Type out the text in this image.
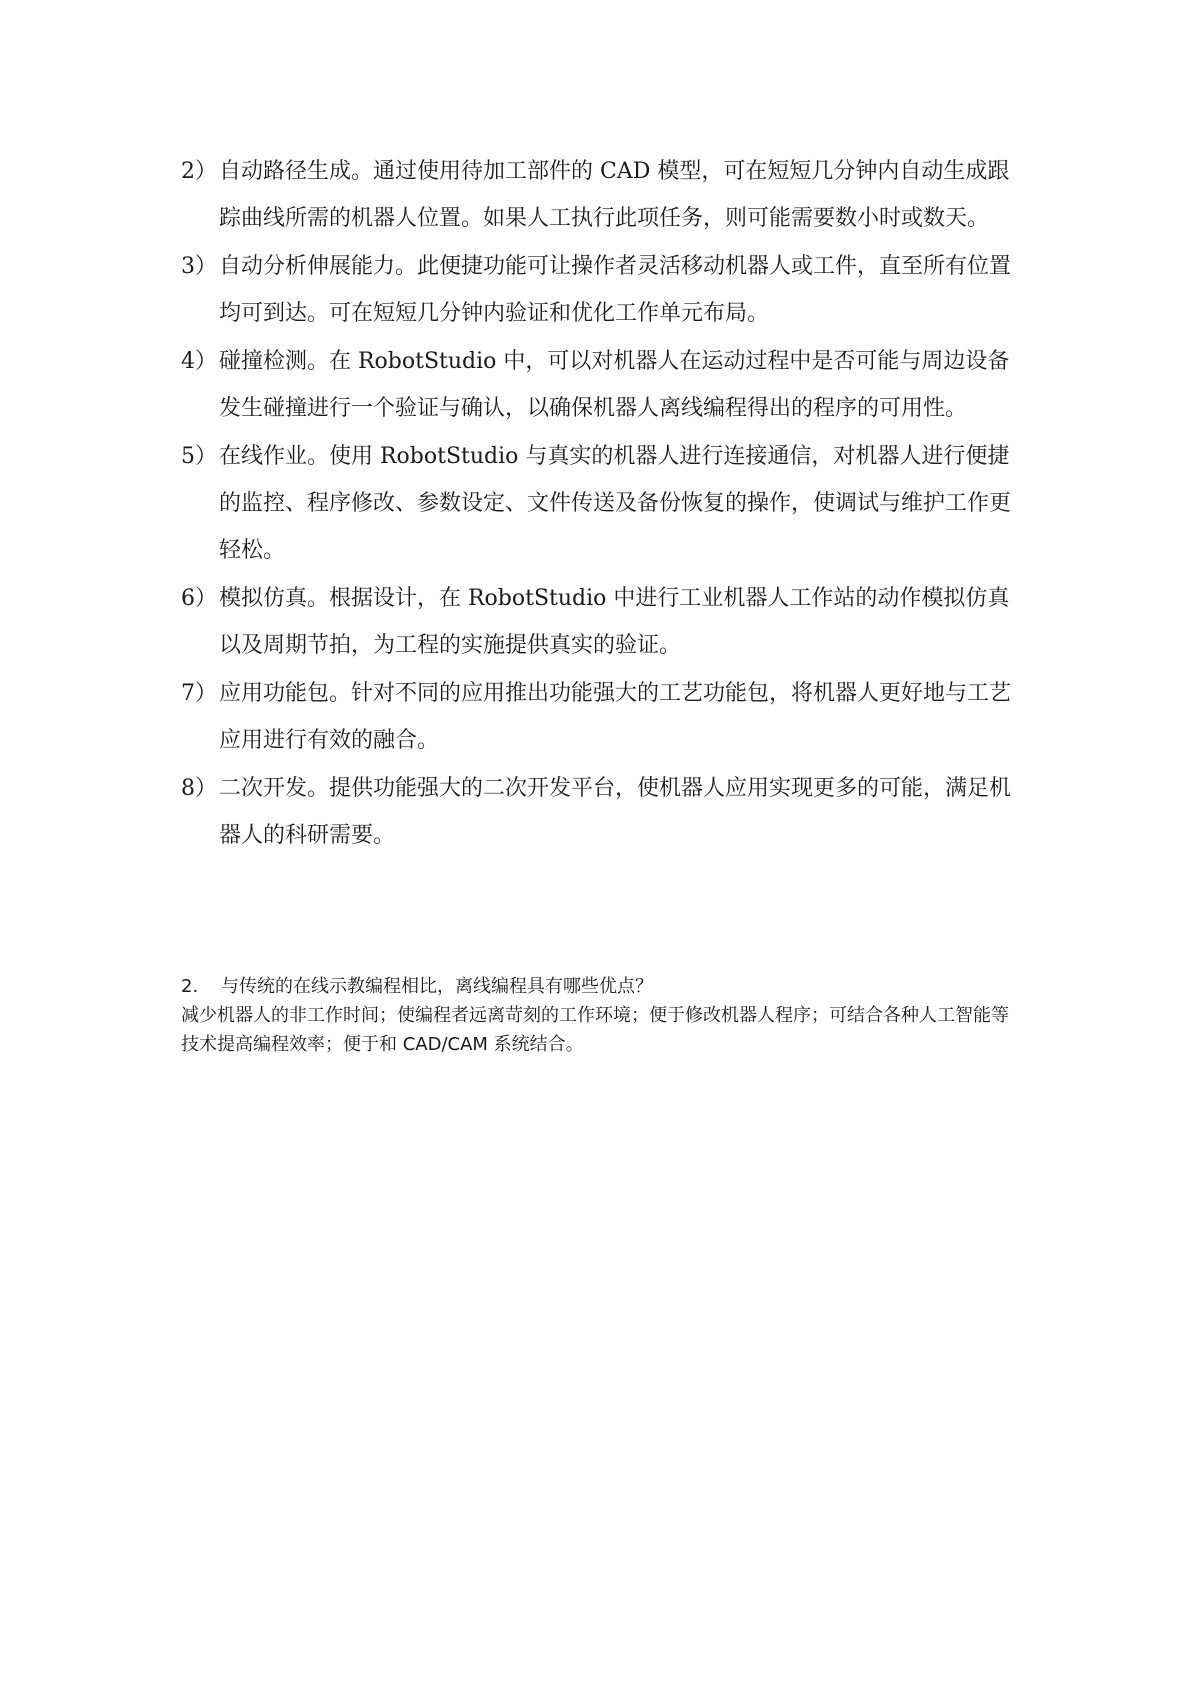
2） 自动路径生成。通过使用待加工部件的 CAD 模型，可在短短几分钟内自动生成跟踪曲线所需的机器人位置。如果人工执行此项任务，则可能需要数小时或数天。
3） 自动分析伸展能力。此便捷功能可让操作者灵活移动机器人或工件，直至所有位置均可到达。可在短短几分钟内验证和优化工作单元布局。
4） 碰撞检测。在 RobotStudio 中，可以对机器人在运动过程中是否可能与周边设备发生碰撞进行一个验证与确认，以确保机器人离线编程得出的程序的可用性。
5） 在线作业。使用 RobotStudio 与真实的机器人进行连接通信，对机器人进行便捷的监控、程序修改、参数设定、文件传送及备份恢复的操作，使调试与维护工作更轻松。
6） 模拟仿真。根据设计，在 RobotStudio 中进行工业机器人工作站的动作模拟仿真以及周期节拍，为工程的实施提供真实的验证。
7） 应用功能包。针对不同的应用推出功能强大的工艺功能包，将机器人更好地与工艺应用进行有效的融合。
8） 二次开发。提供功能强大的二次开发平台，使机器人应用实现更多的可能，满足机器人的科研需要。
2. 与传统的在线示教编程相比，离线编程具有哪些优点？
减少机器人的非工作时间；使编程者远离苛刻的工作环境；便于修改机器人程序；可结合各种人工智能等技术提高编程效率；便于和 CAD/CAM 系统结合。
